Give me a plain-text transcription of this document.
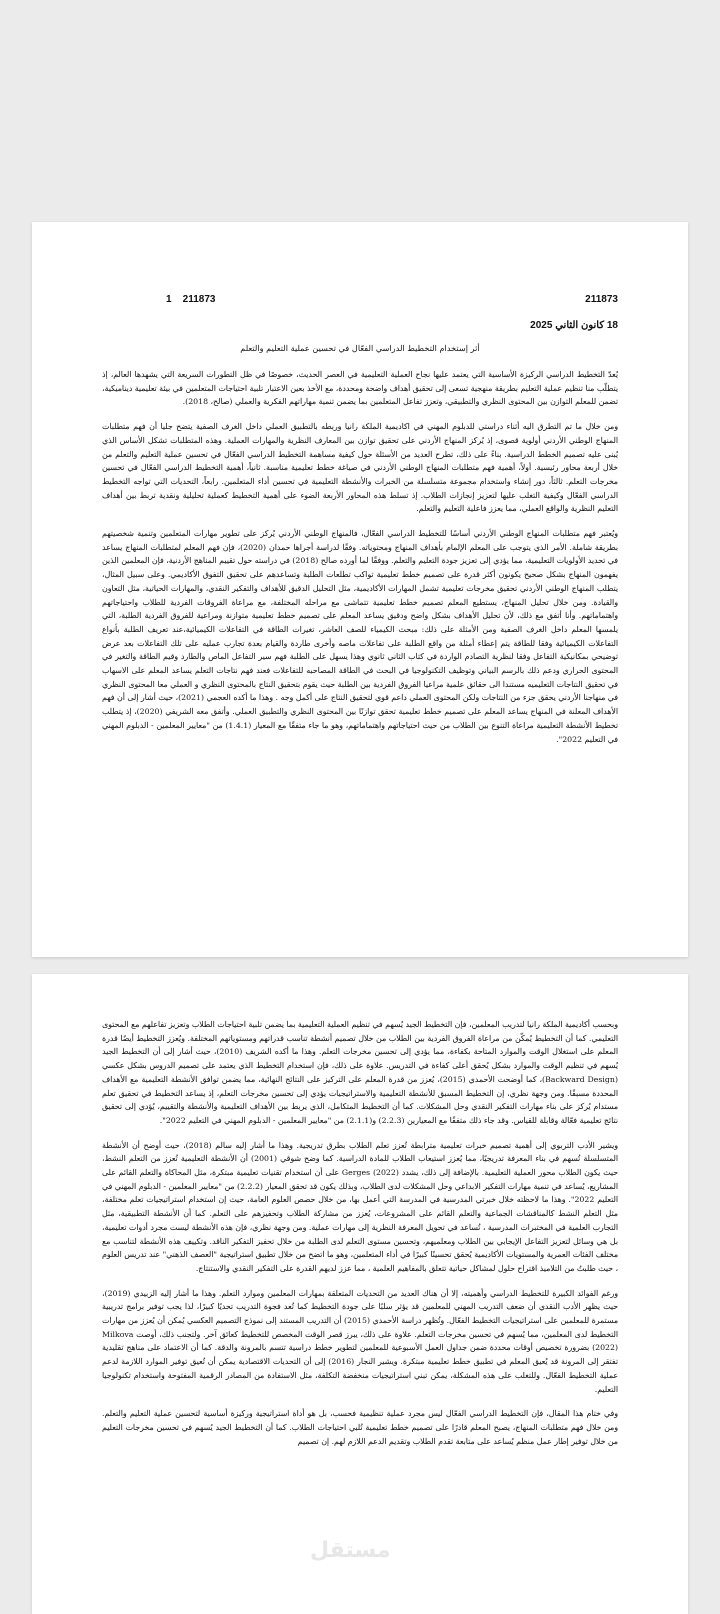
1    211873	211873
18 كانون الثاني 2025
أثر إستخدام التخطيط الدراسي الفعّال في تحسين عملية التعليم والتعلم

يُعدّ التخطيط الدراسي الركيزة الأساسية التي يعتمد عليها نجاح العملية التعليمية في العصر الحديث، خصوصًا في ظل التطورات السريعة التي يشهدها العالم، إذ يتطلّب منا تنظيم عملية التعليم بطريقة منهجية تسعى إلى تحقيق أهداف واضحة ومحددة، مع الأخذ بعين الاعتبار تلبية احتياجات المتعلمين في بيئة تعليمية ديناميكية، تضمن للمعلم التوازن بين المحتوى النظري والتطبيقي، وتعزز تفاعل المتعلمين بما يضمن تنمية مهاراتهم الفكرية والعملي (صالح، 2018).

ومن خلال ما تم التطرق اليه أثناء دراستي للدبلوم المهني في اكاديمية الملكة رانيا وربطه بالتطبيق العملي داخل الغرف الصفية يتضح جليا أن فهم متطلبات المنهاج الوطني الأردني أولوية قصوى، إذ يُركز المنهاج الأردني على تحقيق توازن بين المعارف النظرية والمهارات العملية. وهذه المتطلبات تشكل الأساس الذي يُبنى عليه تصميم الخطط الدراسية. بناءً على ذلك، تطرح العديد من الأسئلة حول كيفية مساهمة التخطيط الدراسي الفعّال في تحسين عملية التعليم والتعلم من خلال أربعة محاور رئيسية. أولاً، أهمية فهم متطلبات المنهاج الوطني الأردني في صياغة خطط تعليمية مناسبة. ثانياً، أهمية التخطيط الدراسي الفعّال في تحسين مخرجات التعلم. ثالثاً، دور إنشاء واستخدام مجموعة متسلسلة من الخبرات والأنشطة التعليمية في تحسين أداء المتعلمين. رابعاً، التحديات التي تواجه التخطيط الدراسي الفعّال وكيفية التغلب عليها لتعزيز إنجازات الطلاب. إذ تسلط هذه المحاور الأربعة الضوء على أهمية التخطيط كعملية تحليلية ونقدية تربط بين أهداف التعليم النظرية والواقع العملي، مما يعزز فاعلية التعليم والتعلم.

ويُعتبر فهم متطلبات المنهاج الوطني الأردني أساسًا للتخطيط الدراسي الفعّال، فالمنهاج الوطني الأردني يُركز على تطوير مهارات المتعلمين وتنمية شخصيتهم بطريقة شاملة. الأمر الذي يتوجب على المعلم الإلمام بأهداف المنهاج ومحتوياته. وفقًا لدراسة أجراها حمدان (2020)، فإن فهم المعلم لمتطلبات المنهاج يساعد في تحديد الأولويات التعليمية، مما يؤدي إلى تعزيز جودة التعليم والتعلم. ووفقًا لما أورده صالح (2018) في دراسته حول تقييم المناهج الأردنية، فإن المعلمين الذين يفهمون المنهاج بشكل صحيح يكونون أكثر قدرة على تصميم خطط تعليمية تواكب تطلعات الطلبة وتساعدهم على تحقيق التفوق الأكاديمي. وعلى سبيل المثال، يتطلب المنهاج الوطني الأردني تحقيق مخرجات تعليمية تشمل المهارات الأكاديمية، مثل التحليل الدقيق للأهداف والتفكير النقدي، والمهارات الحياتية، مثل التعاون والقيادة. ومن خلال تحليل المنهاج، يستطيع المعلم تصميم خطط تعليمية تتماشى مع مراحله المختلفة، مع مراعاة الفروقات الفردية للطلاب واحتياجاتهم واهتماماتهم. وأنا أتفق مع ذلك، لأن تحليل الأهداف بشكل واضح ودقيق يساعد المعلم على تصميم خطط تعليمية متوازنة ومراعية للفروق الفردية الطلبة، التي يلمسها المعلم داخل الغرف الصفية ومن الأمثلة على ذلك: مبحث الكيمياء للصف العاشر، تغيرات الطاقة في التفاعلات الكيميائية،عند تعريف الطلبة بأنواع التفاعلات الكيميائية وفقا للطاقة يتم إعطاء أمثلة من واقع الطلبة على تفاعلات ماصه وأخرى طاردة والقيام بعدة تجارب عمليه على تلك التفاعلات بعد عرض توضيحي بمكانيكية التفاعل وفقا لنظرية التصادم الواردة في كتاب الثاني ثانوي وهذا يسهل على الطلبة فهم سير التفاعل الماص والطارد وقيم الطاقة والتغير في المحتوى الحراري ودعم ذلك بالرسم البياني وتوظيف التكنولوجيا في البحث في الطاقة المصاحبه للتفاعلات فعند فهم نتاجات التعلم يساعد المعلم على الاسهاب في تحقيق النتاجات التعليميه مستندا الى حقائق علمية مراعيا الفروق الفردية بين الطلبة حيث يقوم بتحقيق النتاج بالمحتوى النظري و العملي معا المحتوى النظري في منهاجنا الأردني يحقق جزء من النتاجات ولكن المحتوى العملي داعم قوي لتحقيق النتاج على أكمل وجه . وهذا ما أكده العجمي (2021)، حيث أشار إلى أن فهم الأهداف المعلنة في المنهاج يساعد المعلم على تصميم خطط تعليمية تحقق توازنًا بين المحتوى النظري والتطبيق العملي. وأتفق معه الشريفي (2020)، إذ يتطلب تخطيط الأنشطة التعليمية مراعاة التنوع بين الطلاب من حيث احتياجاتهم واهتماماتهم، وهو ما جاء متفقًا مع المعيار (1.4.1) من "معايير المعلمين - الدبلوم المهني في التعليم 2022".

وبحسب أكاديمية الملكة رانيا لتدريب المعلمين، فإن التخطيط الجيد يُسهم في تنظيم العملية التعليمية بما يضمن تلبية احتياجات الطلاب وتعزيز تفاعلهم مع المحتوى التعليمي. كما أن التخطيط يُمكّن من مراعاة الفروق الفردية بين الطلاب من خلال تصميم أنشطة تناسب قدراتهم ومستوياتهم المختلفة. ويُعزز التخطيط أيضًا قدرة المعلم على استغلال الوقت والموارد المتاحة بكفاءة، مما يؤدي إلى تحسين مخرجات التعلم. وهذا ما أكده الشريف (2010)، حيث أشار إلى أن التخطيط الجيد يُسهم في تنظيم الوقت والموارد بشكل يُحقق أعلى كفاءة في التدريس. علاوة على ذلك، فإن استخدام التخطيط الذي يعتمد على تصميم الدروس بشكل عكسي (Backward Design)، كما أوضحت الأحمدي (2015)، يُعزز من قدرة المعلم على التركيز على النتائج النهائية، مما يضمن توافق الأنشطة التعليمية مع الأهداف المحددة مسبقًا. ومن وجهة نظري، إن التخطيط المسبق للأنشطة التعليمية والاستراتيجيات يؤدي إلى تحسين مخرجات التعلم، إذ يساعد التخطيط في تحقيق تعلم مستدام يُركز على بناء مهارات التفكير النقدي وحل المشكلات. كما أن التخطيط المتكامل، الذي يربط بين الأهداف التعليمية والأنشطة والتقييم، يُؤدي إلى تحقيق نتائج تعليمية فعّالة وقابلة للقياس. وقد جاء ذلك متفقًا مع المعيارين (2.2.3) و(2.1.1) من "معايير المعلمين - الدبلوم المهني في التعليم 2022".

ويشير الأدب التربوي إلى أهمية تصميم خبرات تعليمية مترابطة تُعزز تعلم الطلاب بطرق تدريجية. وهذا ما أشار إليه سالم (2018)، حيث أوضح أن الأنشطة المتسلسلة تُسهم في بناء المعرفة تدريجيًا، مما يُعزز استيعاب الطلاب للمادة الدراسية. كما وضح شوقي (2001) أن الأنشطة التعليمية تُعزز من التعلم النشط، حيث يكون الطلاب محور العملية التعليمية. بالإضافة إلى ذلك، يشدد Gerges (2022) على أن استخدام تقنيات تعليمية مبتكرة، مثل المحاكاة والتعلم القائم على المشاريع، يُساعد في تنمية مهارات التفكير الابداعي وحل المشكلات لدى الطلاب، وبذلك يكون قد تحقق المعيار (2.2.2) من "معايير المعلمين - الدبلوم المهني في التعليم 2022". وهذا ما لاحظته خلال خبرتي المدرسية في المدرسة التي أعمل بها، من خلال حصص العلوم العامة، حيث إن استخدام استراتيجيات تعلم مختلفة، مثل التعلم النشط كالمناقشات الجماعية والتعلم القائم على المشروعات، يُعزز من مشاركة الطلاب وتحفيزهم على التعلم. كما أن الأنشطة التطبيقية، مثل التجارب العلمية في المختبرات المدرسية ، تُساعد في تحويل المعرفة النظرية إلى مهارات عملية. ومن وجهة نظري، فإن هذه الأنشطة ليست مجرد أدوات تعليمية، بل هي وسائل لتعزيز التفاعل الإيجابي بين الطلاب ومعلميهم، وتحسين مستوى التعلم لدى الطلبة من خلال تحفيز التفكير الناقد. وتكييف هذه الأنشطة لتناسب مع مختلف الفئات العمرية والمستويات الأكاديمية يُحقق تحسينًا كبيرًا في أداء المتعلمين، وهو ما اتضح من خلال تطبيق استراتيجية "العصف الذهني" عند تدريس العلوم ، حيث طلبتُ من التلاميذ اقتراح حلول لمشاكل حياتية تتعلق بالمفاهيم العلمية ، مما عزز لديهم القدرة على التفكير النقدي والاستنتاج.

ورغم الفوائد الكبيرة للتخطيط الدراسي وأهميته، إلا أن هناك العديد من التحديات المتعلقة بمهارات المعلمين وموارد التعلم. وهذا ما أشار إليه الزبيدي (2019)، حيث يظهر الأدب النقدي أن ضعف التدريب المهني للمعلمين قد يؤثر سلبًا على جودة التخطيط كما تُعد فجوة التدريب تحديًا كبيرًا، لذا يجب توفير برامج تدريبية مستمرة للمعلمين على استراتيجيات التخطيط الفعّال. وتُظهر دراسة الأحمدي (2015) أن التدريب المستند إلى نموذج التصميم العكسي يُمكن أن يُعزز من مهارات التخطيط لدى المعلمين، مما يُسهم في تحسين مخرجات التعلم. علاوة على ذلك، يبرز قصر الوقت المخصص للتخطيط كعائق آخر. ولتجنب ذلك، أوصت Milkova (2022) بضرورة تخصيص أوقات محددة ضمن جداول العمل الأسبوعية للمعلمين لتطوير خطط دراسية تتسم بالمرونة والدقة. كما أن الاعتماد على مناهج تقليدية تفتقر إلى المرونة قد يُعيق المعلم في تطبيق خطط تعليمية مبتكرة. ويشير النجار (2016) إلى أن التحديات الاقتصادية يمكن أن تُعيق توفير الموارد اللازمة لدعم عملية التخطيط الفعّال. وللتغلب على هذه المشكلة، يمكن تبني استراتيجيات منخفضة التكلفة، مثل الاستفادة من المصادر الرقمية المفتوحة واستخدام تكنولوجيا التعليم.

وفي ختام هذا المقال، فإن التخطيط الدراسي الفعّال ليس مجرد عملية تنظيمية فحسب، بل هو أداة استراتيجية وركيزة أساسية لتحسين عملية التعليم والتعلم. ومن خلال فهم متطلبات المنهاج، يصبح المعلم قادرًا على تصميم خطط تعليمية تُلبي احتياجات الطلاب. كما أن التخطيط الجيد يُسهم في تحسين مخرجات التعليم من خلال توفير إطار عمل منظم يُساعد على متابعة تقدم الطلاب وتقديم الدعم اللازم لهم. إن تصميم

مستقل
